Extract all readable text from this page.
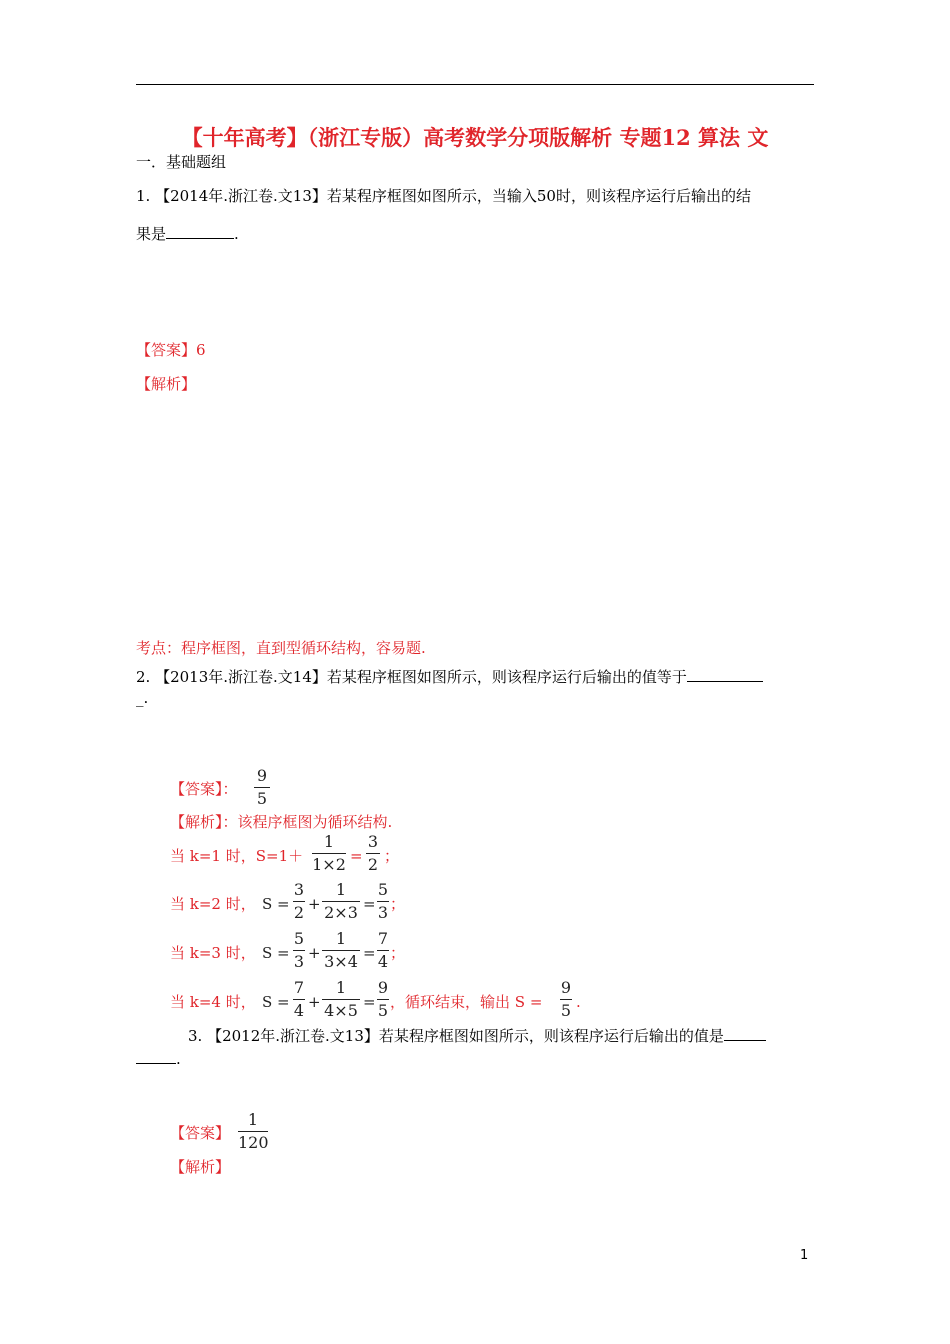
【十年高考】（浙江专版）高考数学分项版解析 专题12 算法 文
一．基础题组
1. 【2014年.浙江卷.文13】若某程序框图如图所示，当输入50时，则该程序运行后输出的结
果是	.
【答案】6
【解析】
考点：程序框图，直到型循环结构，容易题.
2. 【2013年.浙江卷.文14】若某程序框图如图所示，则该程序运行后输出的值等于
_.
【答案】：
9
5
【解析】：该程序框图为循环结构.
当 k=1 时，S=1＋
1
1×2 =
3
2 ；
当 k=2 时， S =
3
2 +
1
2×3 =
5
3 ；
当 k=3 时， S =
5
3 +
1
3×4 =
7
4 ；
当 k=4 时， S =
7
4 +
1
4×5 =
9
5 ，循环结束，输出 S =
9
5 .
3. 【2012年.浙江卷.文13】若某程序框图如图所示，则该程序运行后输出的值是
.
【答案】
1
120
【解析】
1
